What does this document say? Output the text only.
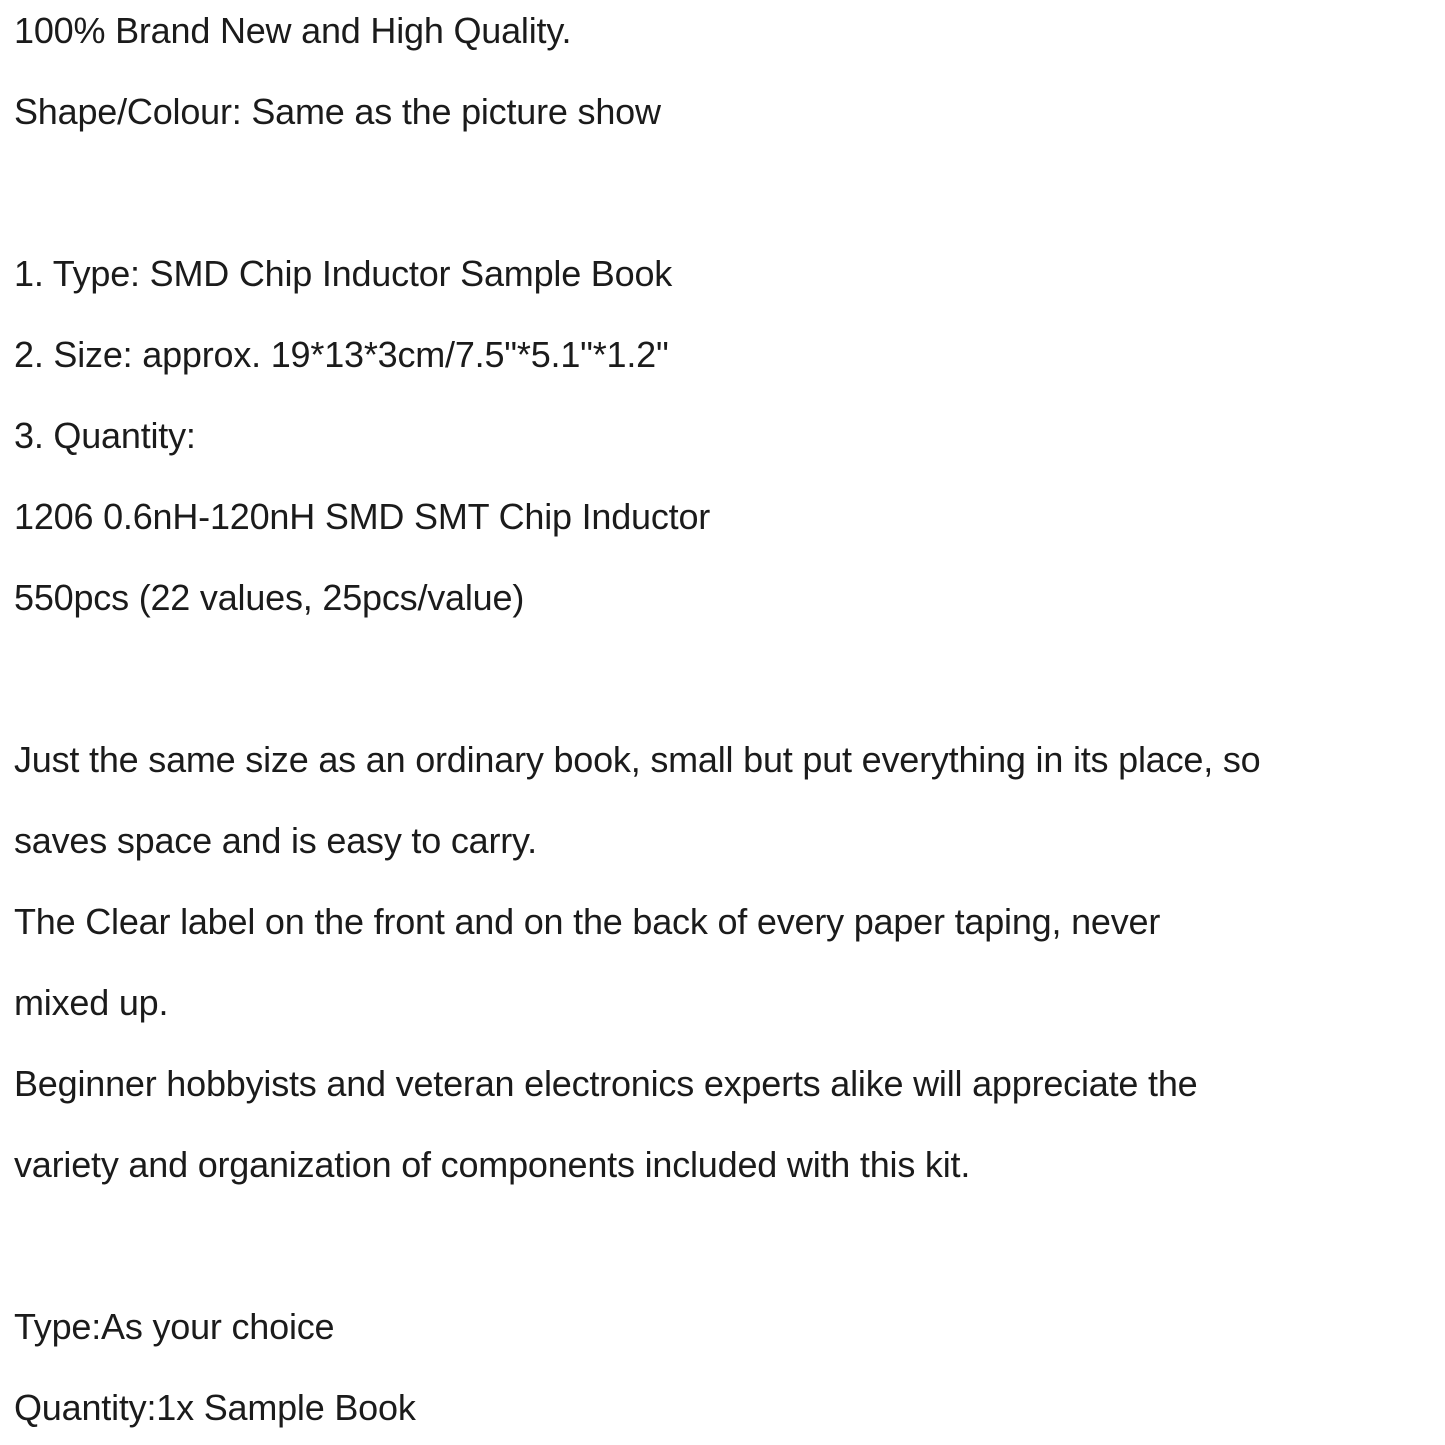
100% Brand New and High Quality.
Shape/Colour: Same as the picture show
1. Type: SMD Chip Inductor Sample Book
2. Size: approx. 19*13*3cm/7.5"*5.1"*1.2"
3. Quantity:
1206 0.6nH-120nH SMD SMT Chip Inductor
550pcs (22 values, 25pcs/value)
Just the same size as an ordinary book, small but put everything in its place, so
saves space and is easy to carry.
The Clear label on the front and on the back of every paper taping, never
mixed up.
Beginner hobbyists and veteran electronics experts alike will appreciate the
variety and organization of components included with this kit.
Type:As your choice
Quantity:1x Sample Book
